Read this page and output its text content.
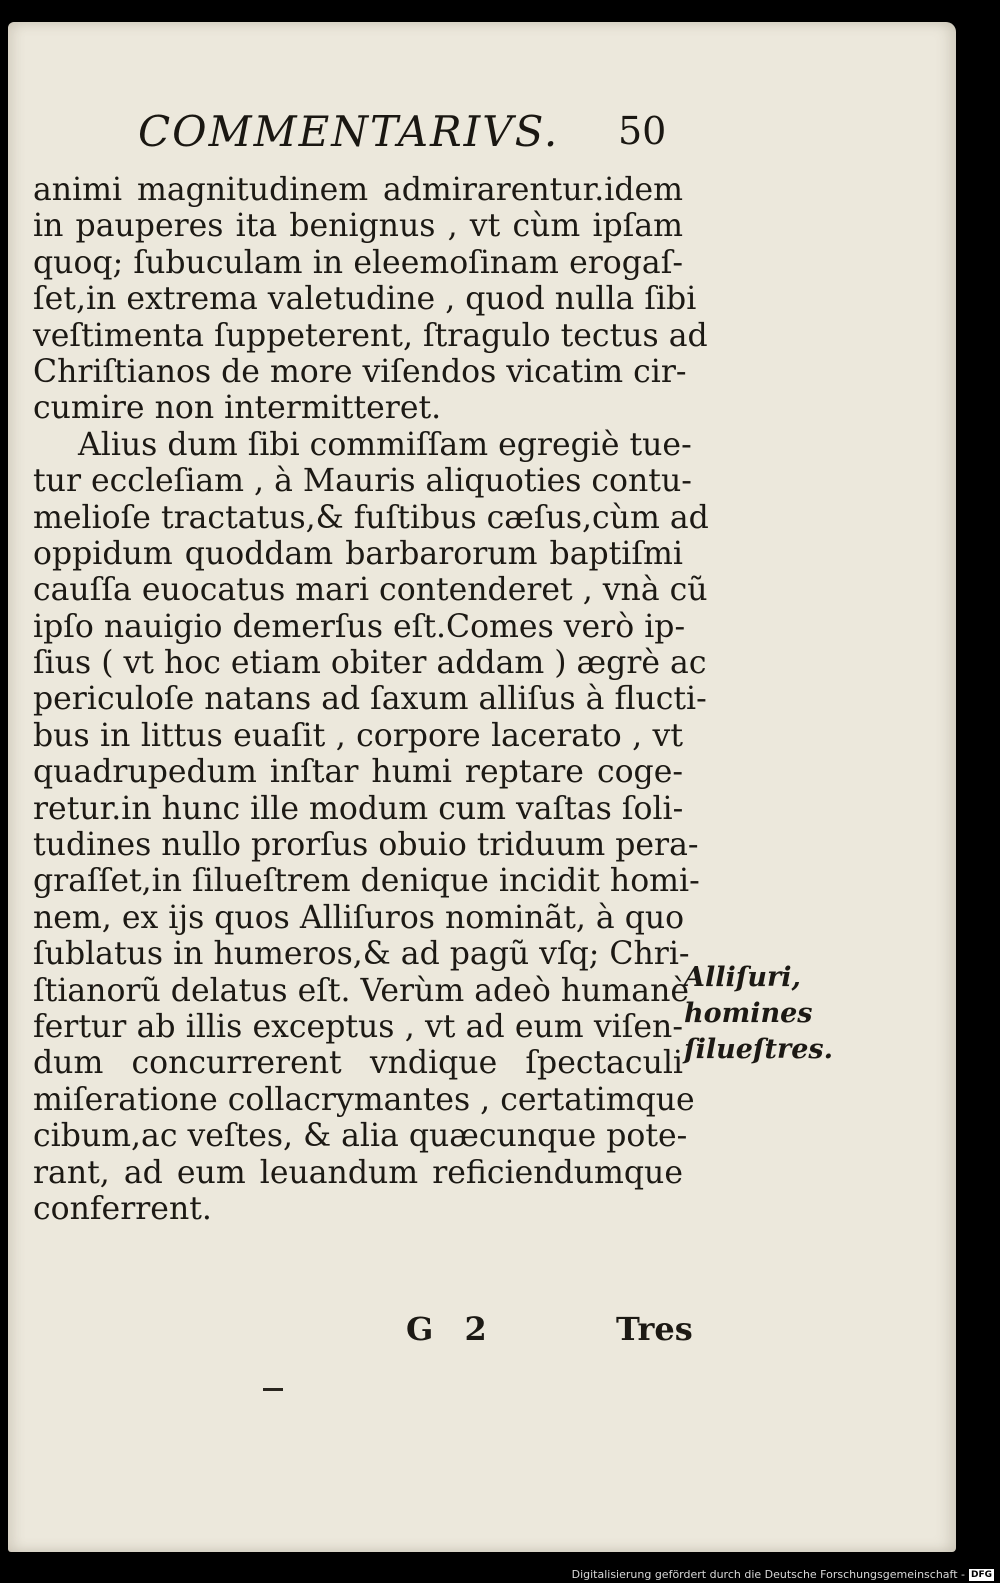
COMMENTARIVS. 50
animi magnitudinem admirarentur.idem
in pauperes ita benignus , vt cùm ipſam
quoq; ſubuculam in eleemoſinam erogaſ-
ſet,in extrema valetudine , quod nulla ſibi
veſtimenta ſuppeterent, ſtragulo tectus ad
Chriſtianos de more viſendos vicatim cir-
cumire non intermitteret.
Alius dum ſibi commiſſam egregiè tue-
tur eccleſiam , à Mauris aliquoties contu-
melioſe tractatus,& fuſtibus cæſus,cùm ad
oppidum quoddam barbarorum baptiſmi
cauſſa euocatus mari contenderet , vnà cũ
ipſo nauigio demerſus eſt.Comes verò ip-
ſius ( vt hoc etiam obiter addam ) ægrè ac
periculoſe natans ad ſaxum alliſus à flucti-
bus in littus euaſit , corpore lacerato , vt
quadrupedum inſtar humi reptare coge-
retur.in hunc ille modum cum vaſtas ſoli-
tudines nullo prorſus obuio triduum pera-
graſſet,in ſilueſtrem denique incidit homi-
nem, ex ijs quos Alliſuros nominãt, à quo
ſublatus in humeros,& ad pagũ vſq; Chri-
ſtianorũ delatus eſt. Verùm adeò humanè
fertur ab illis exceptus , vt ad eum viſen-
dum concurrerent vndique ſpectaculi
miſeratione collacrymantes , certatimque
cibum,ac veſtes, & alia quæcunque pote-
rant, ad eum leuandum reficiendumque
conferrent.
Alliſuri,
homines
ſilueſtres.
G 2	Tres
Digitalisierung gefördert durch die Deutsche Forschungsgemeinschaft - DFG
